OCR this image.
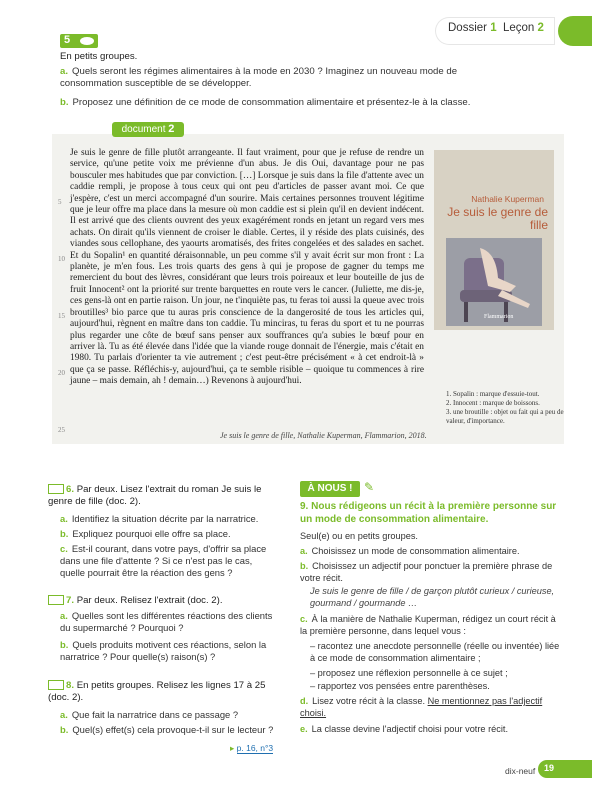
Dossier 1 Leçon 2
5
En petits groupes.
a. Quels seront les régimes alimentaires à la mode en 2030 ? Imaginez un nouveau mode de consommation susceptible de se développer.
b. Proposez une définition de ce mode de consommation alimentaire et présentez-le à la classe.
document 2
Je suis le genre de fille plutôt arrangeante. Il faut vraiment, pour que je refuse de rendre un service, qu'une petite voix me prévienne d'un abus. Je dis Oui, davantage pour ne pas bousculer mes habitudes que par conviction. […] Lorsque je suis dans la file d'attente avec un caddie rempli, je propose à tous ceux qui ont peu d'articles de passer avant moi. Ce que j'espère, c'est un merci accompagné d'un sourire. Mais certaines personnes trouvent légitime que je leur offre ma place dans la mesure où mon caddie est si plein qu'il en devient indécent. Il est arrivé que des clients ouvrent des yeux exagérément ronds en jetant un regard vers mes achats. On dirait qu'ils viennent de croiser le diable. Certes, il y réside des plats cuisinés, des viandes sous cellophane, des yaourts aromatisés, des frites congelées et des salades en sachet. Et du Sopalin¹ en quantité déraisonnable, un peu comme s'il y avait écrit sur mon front : La planète, je m'en fous. Les trois quarts des gens à qui je propose de gagner du temps me remercient du bout des lèvres, considérant que leurs trois poireaux et leur bouteille de jus de fruit Innocent² ont la priorité sur trente barquettes en route vers le cancer. (Juliette, me dis-je, ces gens-là ont en partie raison. Un jour, ne t'inquiète pas, tu feras toi aussi la queue avec trois broutilles³ bio parce que tu auras pris conscience de la dangerosité de tous les articles qui, aujourd'hui, règnent en maître dans ton caddie. Tu minciras, tu feras du sport et tu ne pourras plus regarder une côte de bœuf sans penser aux souffrances qu'a subies le bœuf pour en arriver là. Tu as été élevée dans l'idée que la viande rouge donnait de l'énergie, mais c'était en 1980. Tu parlais d'orienter ta vie autrement ; c'est peut-être précisément « à cet endroit-là » que ça se passe. Réfléchis-y, aujourd'hui, ça te semble risible – quoique tu commences à rire jaune – mais demain, ah ! demain…) Revenons à aujourd'hui.
5
10
15
20
25
Je suis le genre de fille, Nathalie Kuperman, Flammarion, 2018.
Nathalie Kuperman
Je suis le genre de fille
Flammarion
1. Sopalin : marque d'essuie-tout.
2. Innocent : marque de boissons.
3. une broutille : objet ou fait qui a peu de valeur, d'importance.
6. Par deux. Lisez l'extrait du roman Je suis le genre de fille (doc. 2).
a. Identifiez la situation décrite par la narratrice.
b. Expliquez pourquoi elle offre sa place.
c. Est-il courant, dans votre pays, d'offrir sa place dans une file d'attente ? Si ce n'est pas le cas, quelle pourrait être la réaction des gens ?
7. Par deux. Relisez l'extrait (doc. 2).
a. Quelles sont les différentes réactions des clients du supermarché ? Pourquoi ?
b. Quels produits motivent ces réactions, selon la narratrice ? Pour quelle(s) raison(s) ?
8. En petits groupes. Relisez les lignes 17 à 25 (doc. 2).
a. Que fait la narratrice dans ce passage ?
b. Quel(s) effet(s) cela provoque-t-il sur le lecteur ?
▸ p. 16, n°3
À NOUS ! ✎
9. Nous rédigeons un récit à la première personne sur un mode de consommation alimentaire.
Seul(e) ou en petits groupes.
a. Choisissez un mode de consommation alimentaire.
b. Choisissez un adjectif pour ponctuer la première phrase de votre récit.
Je suis le genre de fille / de garçon plutôt curieux / curieuse, gourmand / gourmande …
c. À la manière de Nathalie Kuperman, rédigez un court récit à la première personne, dans lequel vous :
– racontez une anecdote personnelle (réelle ou inventée) liée à ce mode de consommation alimentaire ;
– proposez une réflexion personnelle à ce sujet ;
– rapportez vos pensées entre parenthèses.
d. Lisez votre récit à la classe. Ne mentionnez pas l'adjectif choisi.
e. La classe devine l'adjectif choisi pour votre récit.
dix-neuf 19
